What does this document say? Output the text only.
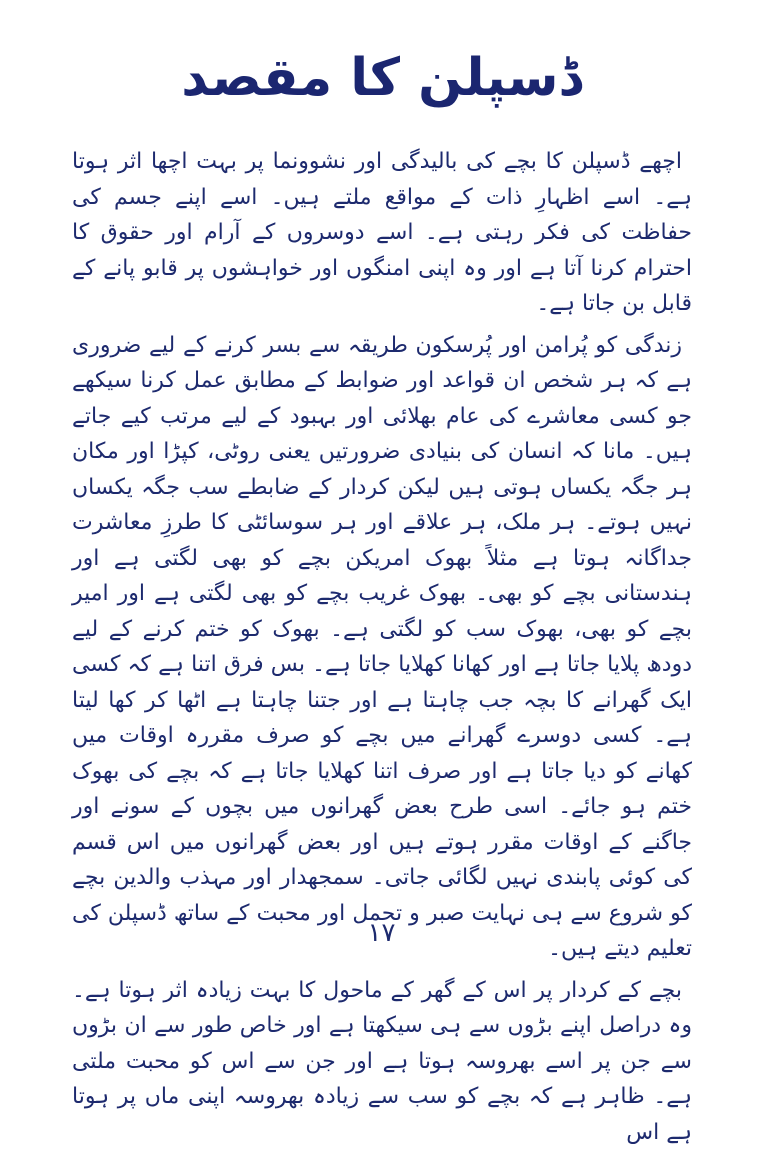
ڈسپلن کا مقصد

اچھے ڈسپلن کا بچے کی بالیدگی اور نشوونما پر بہت اچھا اثر ہوتا ہے۔ اسے اظہارِ ذات کے مواقع ملتے ہیں۔ اسے اپنے جسم کی حفاظت کی فکر رہتی ہے۔ اسے دوسروں کے آرام اور حقوق کا احترام کرنا آتا ہے اور وہ اپنی امنگوں اور خواہشوں پر قابو پانے کے قابل بن جاتا ہے۔

زندگی کو پُرامن اور پُرسکون طریقہ سے بسر کرنے کے لیے ضروری ہے کہ ہر شخص ان قواعد اور ضوابط کے مطابق عمل کرنا سیکھے جو کسی معاشرے کی عام بھلائی اور بہبود کے لیے مرتب کیے جاتے ہیں۔ مانا کہ انسان کی بنیادی ضرورتیں یعنی روٹی، کپڑا اور مکان ہر جگہ یکساں ہوتی ہیں لیکن کردار کے ضابطے سب جگہ یکساں نہیں ہوتے۔ ہر ملک، ہر علاقے اور ہر سوسائٹی کا طرزِ معاشرت جداگانہ ہوتا ہے مثلاً بھوک امریکن بچے کو بھی لگتی ہے اور ہندستانی بچے کو بھی۔ بھوک غریب بچے کو بھی لگتی ہے اور امیر بچے کو بھی، بھوک سب کو لگتی ہے۔ بھوک کو ختم کرنے کے لیے دودھ پلایا جاتا ہے اور کھانا کھلایا جاتا ہے۔ بس فرق اتنا ہے کہ کسی ایک گھرانے کا بچہ جب چاہتا ہے اور جتنا چاہتا ہے اٹھا کر کھا لیتا ہے۔ کسی دوسرے گھرانے میں بچے کو صرف مقررہ اوقات میں کھانے کو دیا جاتا ہے اور صرف اتنا کھلایا جاتا ہے کہ بچے کی بھوک ختم ہو جائے۔ اسی طرح بعض گھرانوں میں بچوں کے سونے اور جاگنے کے اوقات مقرر ہوتے ہیں اور بعض گھرانوں میں اس قسم کی کوئی پابندی نہیں لگائی جاتی۔ سمجھدار اور مہذب والدین بچے کو شروع سے ہی نہایت صبر و تحمل اور محبت کے ساتھ ڈسپلن کی تعلیم دیتے ہیں۔

بچے کے کردار پر اس کے گھر کے ماحول کا بہت زیادہ اثر ہوتا ہے۔ وہ دراصل اپنے بڑوں سے ہی سیکھتا ہے اور خاص طور سے ان بڑوں سے جن پر اسے بھروسہ ہوتا ہے اور جن سے اس کو محبت ملتی ہے۔ ظاہر ہے کہ بچے کو سب سے زیادہ بھروسہ اپنی ماں پر ہوتا ہے اس

۱۷
